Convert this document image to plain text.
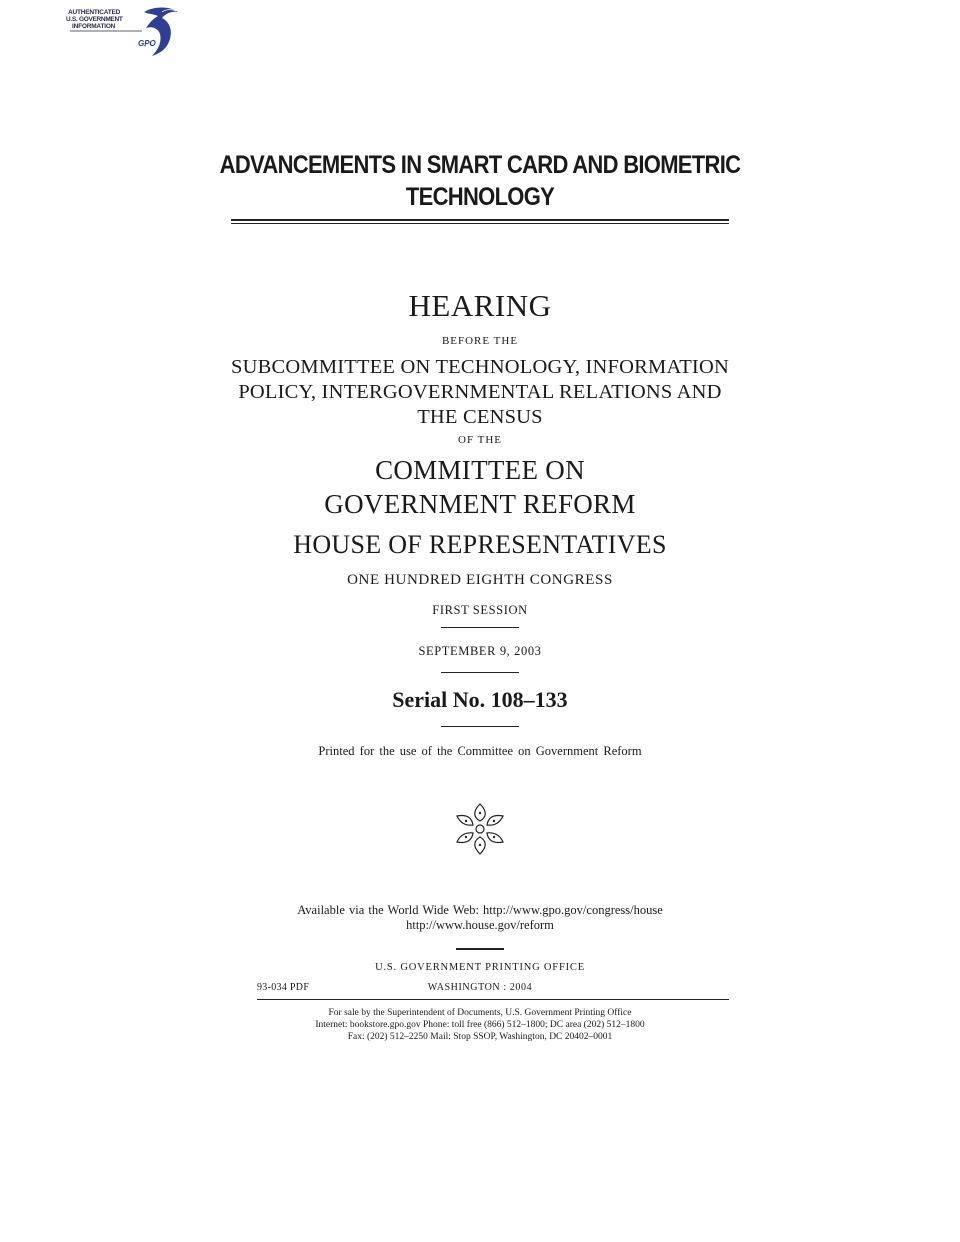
AUTHENTICATED
U.S. GOVERNMENT
INFORMATION
GPO
ADVANCEMENTS IN SMART CARD AND BIOMETRIC
TECHNOLOGY
HEARING
BEFORE THE
SUBCOMMITTEE ON TECHNOLOGY, INFORMATION
POLICY, INTERGOVERNMENTAL RELATIONS AND
THE CENSUS
OF THE
COMMITTEE ON
GOVERNMENT REFORM
HOUSE OF REPRESENTATIVES
ONE HUNDRED EIGHTH CONGRESS
FIRST SESSION
SEPTEMBER 9, 2003
Serial No. 108–133
Printed for the use of the Committee on Government Reform
Available via the World Wide Web: http://www.gpo.gov/congress/house
http://www.house.gov/reform
U.S. GOVERNMENT PRINTING OFFICE
93-034 PDF	WASHINGTON : 2004
For sale by the Superintendent of Documents, U.S. Government Printing Office
Internet: bookstore.gpo.gov Phone: toll free (866) 512–1800; DC area (202) 512–1800
Fax: (202) 512–2250 Mail: Stop SSOP, Washington, DC 20402–0001
